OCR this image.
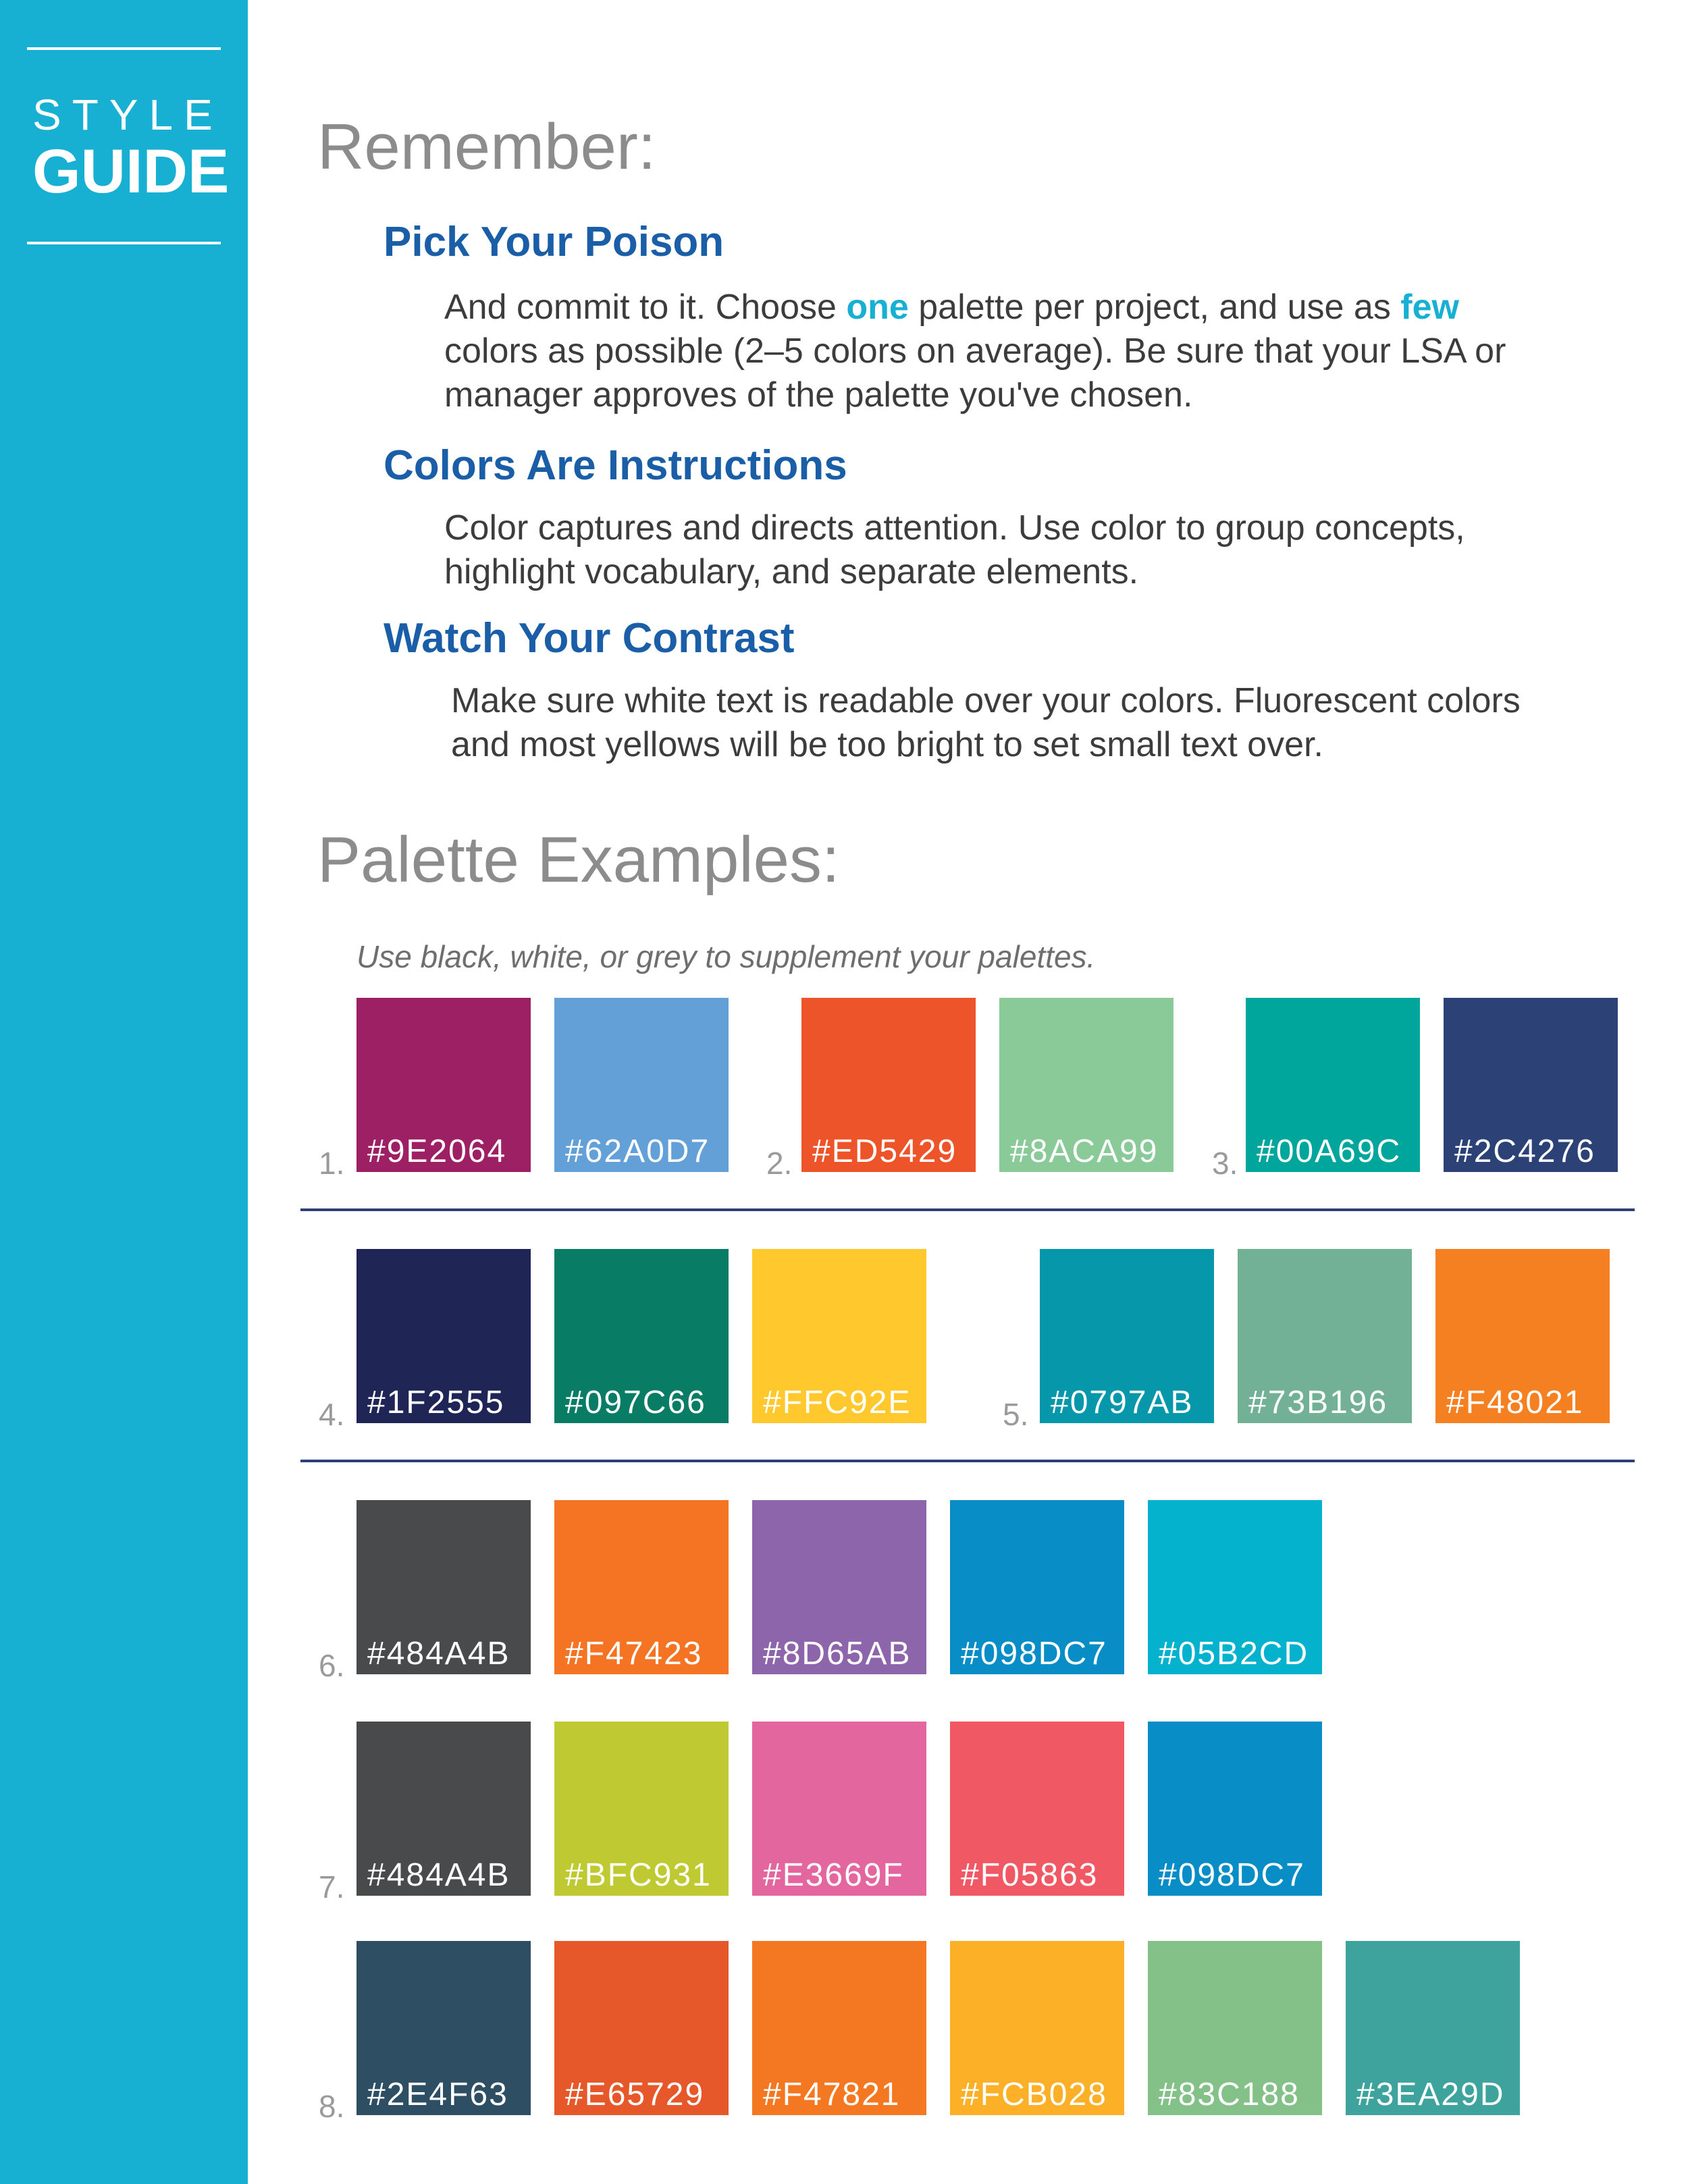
STYLE
GUIDE Remember:
Pick Your Poison

And commit to it. Choose one palette per project, and use as few colors as possible (2–5 colors on average). Be sure that your LSA or manager approves of the palette you've chosen.

Colors Are Instructions

Color captures and directs attention. Use color to group concepts, highlight vocabulary, and separate elements.

Watch Your Contrast

Make sure white text is readable over your colors. Fluorescent colors and most yellows will be too bright to set small text over.

Palette Examples:

Use black, white, or grey to supplement your palettes.

1. #9E2064 #62A0D7 2. #ED5429 #8ACA99 3. #00A69C #2C4276
4. #1F2555 #097C66 #FFC92E	5. #0797AB #73B196 #F48021
6. #484A4B #F47423 #8D65AB #098DC7 #05B2CD
7. #484A4B #BFC931 #E3669F #F05863 #098DC7
8. #2E4F63 #E65729 #F47821 #FCB028 #83C188 #3EA29D
